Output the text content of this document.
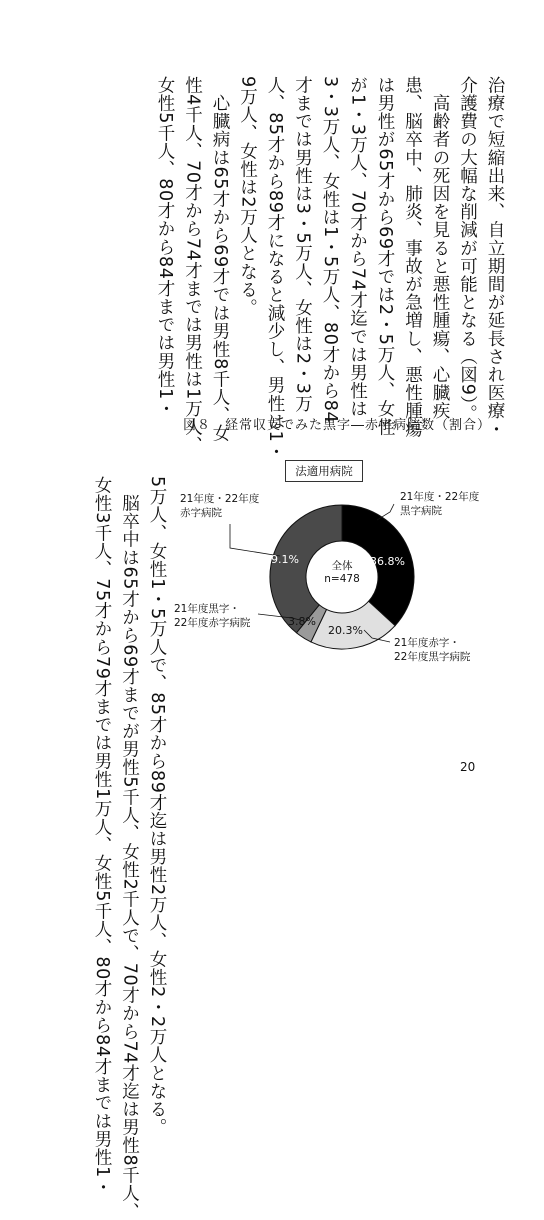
治療で短縮出来、自立期間が延長され医療・
介護費の大幅な削減が可能となる（図9）。
　高齢者の死因を見ると悪性腫瘍、心臓疾
患、脳卒中、肺炎、事故が急増し、悪性腫瘍
は男性が65才から69才では2・5万人、女性
が1・3万人、70才から74才迄では男性は
3・3万人、女性は1・5万人、80才から84
才までは男性は3・5万人、女性は2・3万
人、85才から89才になると減少し、男性は1・
9万人、女性は2万人となる。
　心臓病は65才から69才では男性8千人、女
性4千人、70才から74才までは男性は1万人、
女性5千人、80才から84才までは男性1・
図８　経常収支でみた黒字―赤字病院数（割合）
法適用病院
全体
n=478
36.8%
20.3%
3.8%
39.1%
21年度・22年度
黒字病院
21年度赤字・
22年度黒字病院
21年度黒字・
22年度赤字病院
21年度・22年度
赤字病院
20
5万人、女性1・5万人で、85才から89才迄は男性2万人、女性2・2万人となる。
　脳卒中は65才から69才までが男性5千人、女性2千人で、70才から74才迄は男性8千人、
女性3千人、75才から79才までは男性1万人、女性5千人、80才から84才までは男性1・
